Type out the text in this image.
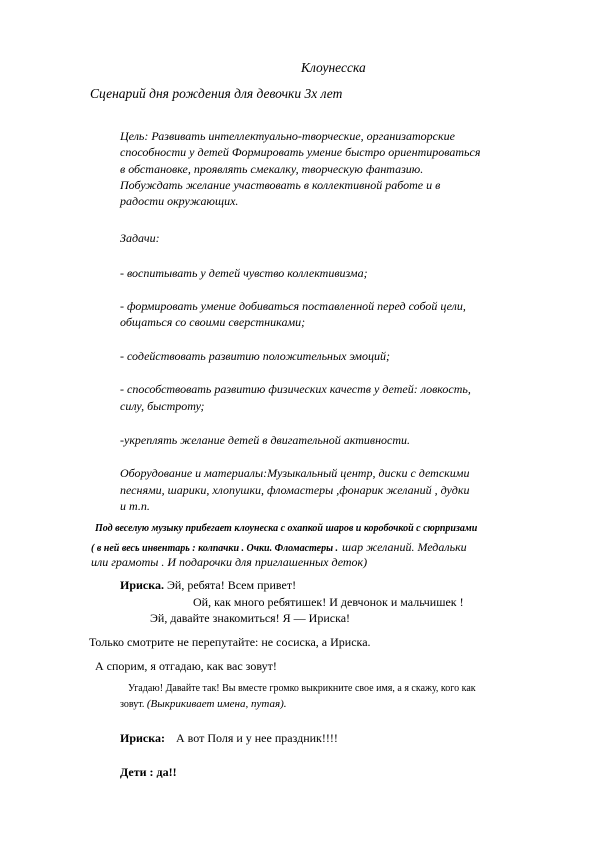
Клоунесска

Сценарий дня рождения для девочки 3х лет

Цель: Развивать интеллектуально-творческие, организаторские

способности у детей Формировать умение быстро ориентироваться

в обстановке, проявлять смекалку, творческую фантазию.

Побуждать желание участвовать в коллективной работе и в

радости окружающих.

Задачи:

- воспитывать у детей чувство коллективизма;

- формировать умение добиваться поставленной перед собой цели,

общаться со своими сверстниками;

- содействовать развитию положительных эмоций;

- способствовать развитию физических качеств у детей: ловкость,

силу, быстроту;

-укреплять желание детей в двигательной активности.

Оборудование и материалы:Музыкальный центр, диски с детскими

песнями, шарики, хлопушки, фломастеры ,фонарик желаний , дудки

и т.п.

Под веселую музыку прибегает клоунеска с охапкой шаров и коробочкой с сюрпризами

( в ней весь инвентарь : колпачки . Очки. Фломастеры . шар желаний. Медальки

или грамоты . И подарочки для приглашенных деток)

Ириска. Эй, ребята! Всем привет!

Ой, как много ребятишек! И девчонок и мальчишек !

Эй, давайте знакомиться! Я — Ириска!

Только смотрите не перепутайте: не сосиска, а Ириска.

А спорим, я отгадаю, как вас зовут!

Угадаю! Давайте так! Вы вместе громко выкрикните свое имя, а я скажу, кого как

зовут. (Выкрикивает имена, путая).

Ириска: А вот Поля и у нее праздник!!!!

Дети : да!!
